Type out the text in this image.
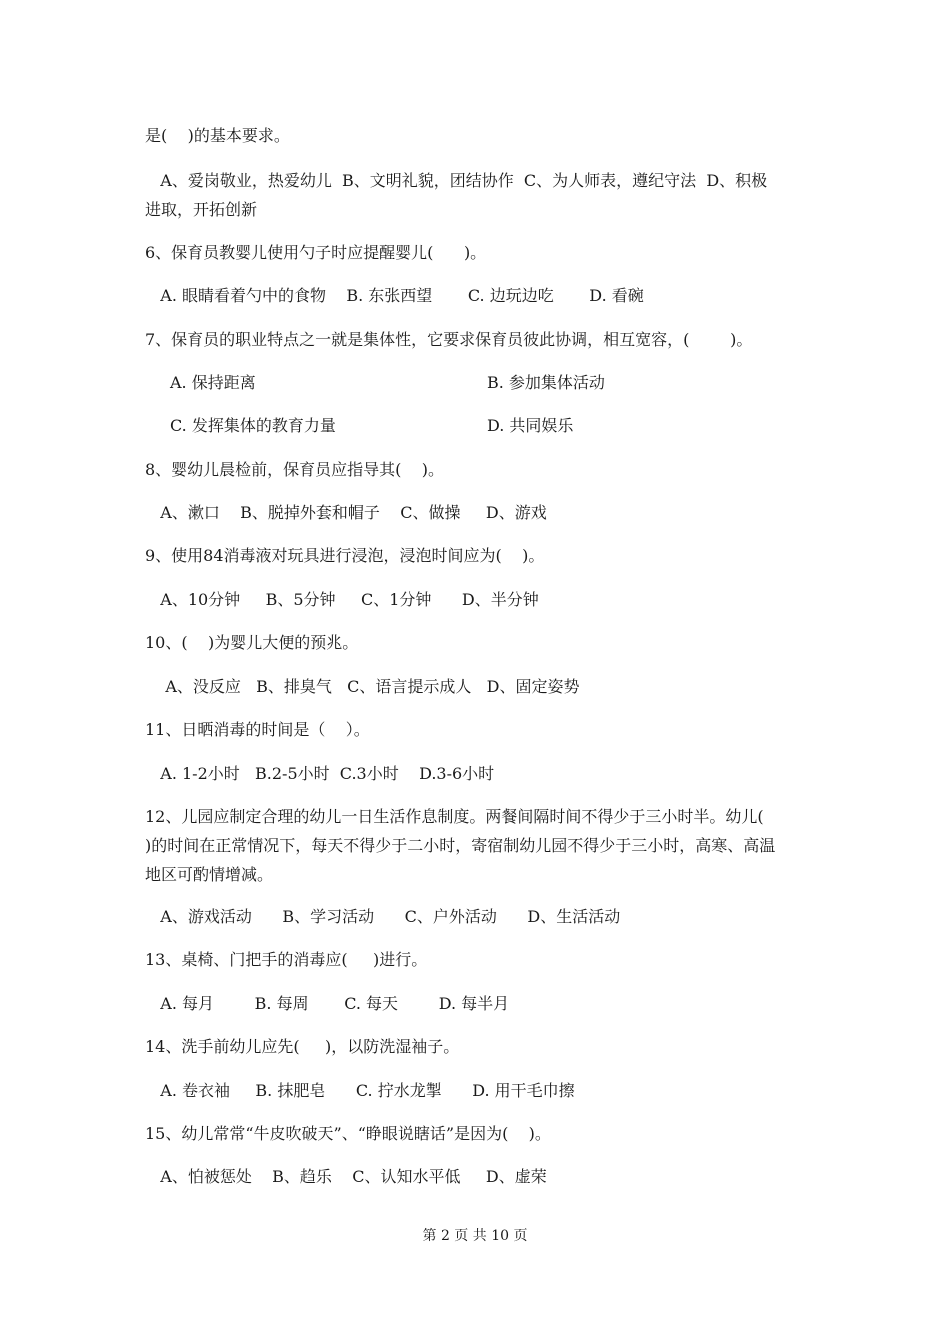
是(    )的基本要求。

A、爱岗敬业，热爱幼儿  B、文明礼貌，团结协作  C、为人师表，遵纪守法  D、积极

进取，开拓创新

6、保育员教婴儿使用勺子时应提醒婴儿(      )。

A. 眼睛看着勺中的食物    B. 东张西望       C. 边玩边吃       D. 看碗

7、保育员的职业特点之一就是集体性，它要求保育员彼此协调，相互宽容，(        )。

A. 保持距离	B. 参加集体活动
C. 发挥集体的教育力量	D. 共同娱乐

8、婴幼儿晨检前，保育员应指导其(    )。

A、漱口    B、脱掉外套和帽子    C、做操     D、游戏

9、使用84消毒液对玩具进行浸泡，浸泡时间应为(    )。

A、10分钟     B、5分钟     C、1分钟      D、半分钟

10、(    )为婴儿大便的预兆。

A、没反应   B、排臭气   C、语言提示成人   D、固定姿势

11、日晒消毒的时间是（    ）。

A. 1-2小时   B.2-5小时  C.3小时    D.3-6小时

12、儿园应制定合理的幼儿一日生活作息制度。两餐间隔时间不得少于三小时半。幼儿(

)的时间在正常情况下，每天不得少于二小时，寄宿制幼儿园不得少于三小时，高寒、高温

地区可酌情增减。

A、游戏活动      B、学习活动      C、户外活动      D、生活活动

13、桌椅、门把手的消毒应(     )进行。

A. 每月        B. 每周       C. 每天        D. 每半月

14、洗手前幼儿应先(     )，以防洗湿袖子。

A. 卷衣袖     B. 抹肥皂      C. 拧水龙掣      D. 用干毛巾擦

15、幼儿常常“牛皮吹破天”、“睁眼说瞎话”是因为(    )。

A、怕被惩处    B、趋乐    C、认知水平低     D、虚荣

第 2 页 共 10 页
